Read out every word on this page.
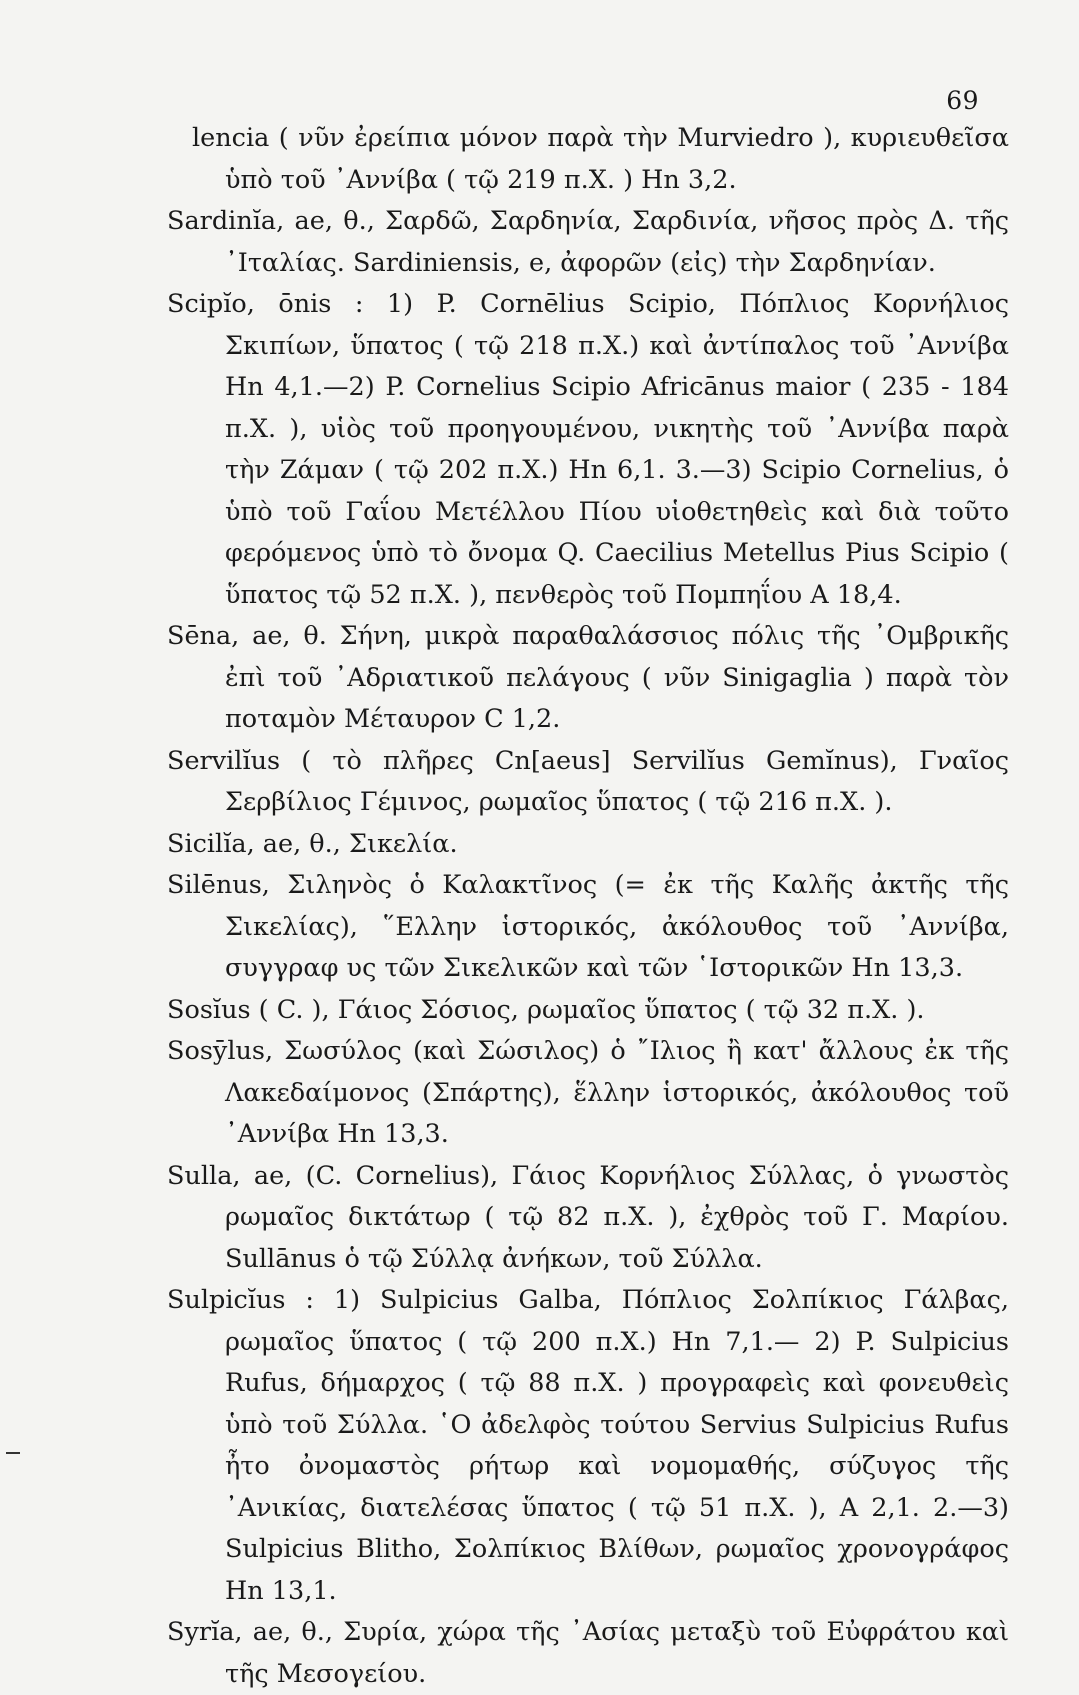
69

lencia ( νῦν ἐρείπια μόνον παρὰ τὴν Murviedro ), κυριευθεῖσα ὑπὸ τοῦ ᾿Αννίβα ( τῷ 219 π.Χ. ) Hn 3,2.

Sardinĭa, ae, θ., Σαρδῶ, Σαρδηνία, Σαρδινία, νῆσος πρὸς Δ. τῆς ᾿Ιταλίας. Sardiniensis, e, ἀφορῶν (εἰς) τὴν Σαρδηνίαν.

Scipĭo, ōnis : 1) P. Cornēlius Scipio, Πόπλιος Κορνήλιος Σκιπίων, ὕπατος ( τῷ 218 π.Χ.) καὶ ἀντίπαλος τοῦ ᾿Αννίβα Hn 4,1.—2) P. Cornelius Scipio Africānus maior ( 235 - 184 π.Χ. ), υἱὸς τοῦ προηγουμένου, νικητὴς τοῦ ᾿Αννίβα παρὰ τὴν Ζάμαν ( τῷ 202 π.Χ.) Hn 6,1. 3.—3) Scipio Cornelius, ὁ ὑπὸ τοῦ Γαΐου Μετέλλου Πίου υἱοθετηθεὶς καὶ διὰ τοῦτο φερόμενος ὑπὸ τὸ ὄνομα Q. Caecilius Metellus Pius Scipio ( ὕπατος τῷ 52 π.Χ. ), πενθερὸς τοῦ Πομπηΐου A 18,4.

Sēna, ae, θ. Σήνη, μικρὰ παραθαλάσσιος πόλις τῆς ᾿Ομβρικῆς ἐπὶ τοῦ ᾿Αδριατικοῦ πελάγους ( νῦν Sinigaglia ) παρὰ τὸν ποταμὸν Μέταυρον C 1,2.

Servilĭus ( τὸ πλῆρες Cn[aeus] Servilĭus Gemĭnus), Γναῖος Σερβίλιος Γέμινος, ρωμαῖος ὕπατος ( τῷ 216 π.Χ. ).

Sicilĭa, ae, θ., Σικελία.

Silēnus, Σιληνὸς ὁ Καλακτῖνος (= ἐκ τῆς Καλῆς ἀκτῆς τῆς Σικελίας), ῞Ελλην ἱστορικός, ἀκόλουθος τοῦ ᾿Αννίβα, συγγραφ υς τῶν Σικελικῶν καὶ τῶν ῾Ιστορικῶν Hn 13,3.

Sosĭus ( C. ), Γάιος Σόσιος, ρωμαῖος ὕπατος ( τῷ 32 π.Χ. ).

Sosȳlus, Σωσύλος (καὶ Σώσιλος) ὁ ῎Ιλιος ἢ κατ' ἄλλους ἐκ τῆς Λακεδαίμονος (Σπάρτης), ἕλλην ἱστορικός, ἀκόλουθος τοῦ ᾿Αννίβα Hn 13,3.

Sulla, ae, (C. Cornelius), Γάιος Κορνήλιος Σύλλας, ὁ γνωστὸς ρωμαῖος δικτάτωρ ( τῷ 82 π.Χ. ), ἐχθρὸς τοῦ Γ. Μαρίου. Sullānus ὁ τῷ Σύλλᾳ ἀνήκων, τοῦ Σύλλα.

Sulpicĭus : 1) Sulpicius Galba, Πόπλιος Σολπίκιος Γάλβας, ρωμαῖος ὕπατος ( τῷ 200 π.Χ.) Hn 7,1.— 2) P. Sulpicius Rufus, δήμαρχος ( τῷ 88 π.Χ. ) προγραφεὶς καὶ φονευθεὶς ὑπὸ τοῦ Σύλλα. ῾Ο ἀδελφὸς τούτου Servius Sulpicius Rufus ἦτο ὀνομαστὸς ρήτωρ καὶ νομομαθής, σύζυγος τῆς ᾿Ανικίας, διατελέσας ὕπατος ( τῷ 51 π.Χ. ), A 2,1. 2.—3) Sulpicius Blitho, Σολπίκιος Βλίθων, ρωμαῖος χρονογράφος Hn 13,1.

Syrĭa, ae, θ., Συρία, χώρα τῆς ᾿Ασίας μεταξὺ τοῦ Εὐφράτου καὶ τῆς Μεσογείου.
